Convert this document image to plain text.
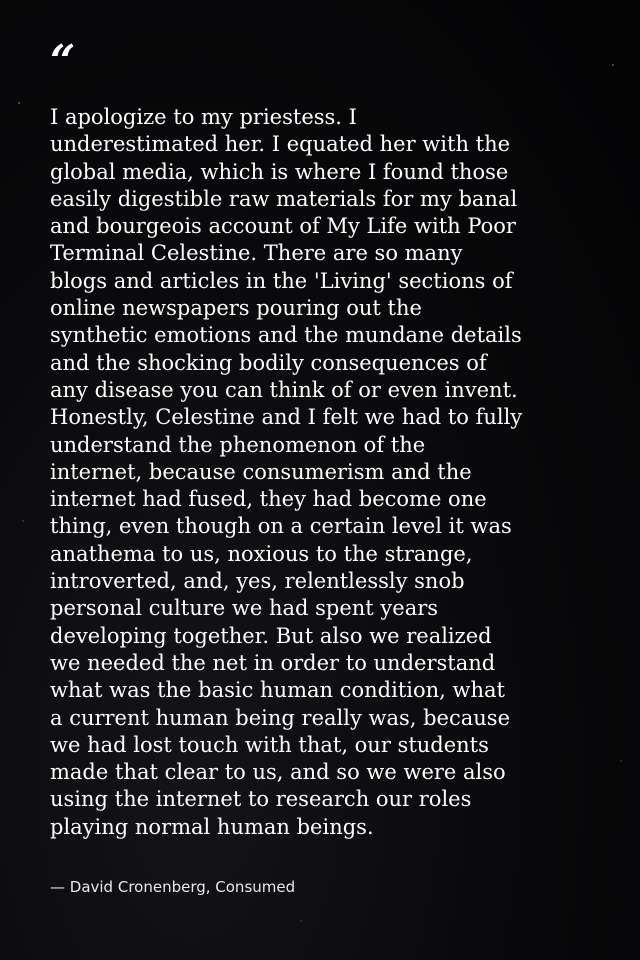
“

I apologize to my priestess. I
underestimated her. I equated her with the
global media, which is where I found those
easily digestible raw materials for my banal
and bourgeois account of My Life with Poor
Terminal Celestine. There are so many
blogs and articles in the 'Living' sections of
online newspapers pouring out the
synthetic emotions and the mundane details
and the shocking bodily consequences of
any disease you can think of or even invent.
Honestly, Celestine and I felt we had to fully
understand the phenomenon of the
internet, because consumerism and the
internet had fused, they had become one
thing, even though on a certain level it was
anathema to us, noxious to the strange,
introverted, and, yes, relentlessly snob
personal culture we had spent years
developing together. But also we realized
we needed the net in order to understand
what was the basic human condition, what
a current human being really was, because
we had lost touch with that, our students
made that clear to us, and so we were also
using the internet to research our roles
playing normal human beings.

— David Cronenberg, Consumed
